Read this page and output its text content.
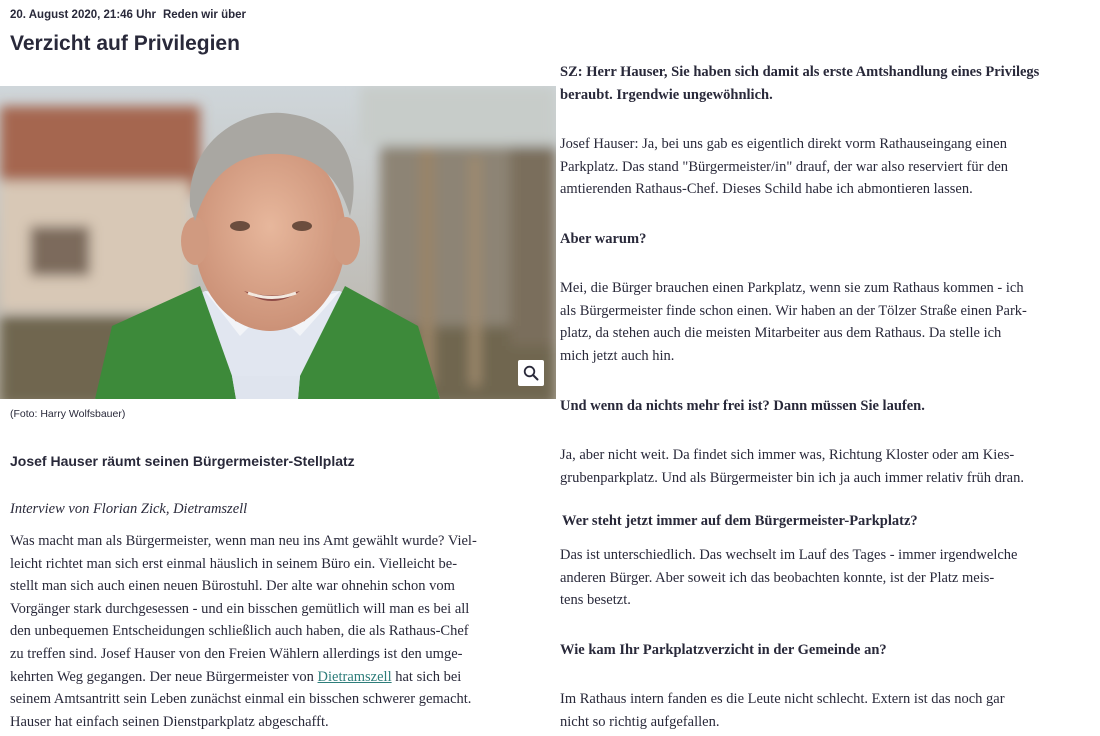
20. August 2020, 21:46 Uhr Reden wir über
Verzicht auf Privilegien
(Foto: Harry Wolfsbauer)
Josef Hauser räumt seinen Bürgermeister-Stellplatz
Interview von Florian Zick, Dietramszell
Was macht man als Bürgermeister, wenn man neu ins Amt gewählt wurde? Viel-
leicht richtet man sich erst einmal häuslich in seinem Büro ein. Vielleicht be-
stellt man sich auch einen neuen Bürostuhl. Der alte war ohnehin schon vom
Vorgänger stark durchgesessen - und ein bisschen gemütlich will man es bei all
den unbequemen Entscheidungen schließlich auch haben, die als Rathaus-Chef
zu treffen sind. Josef Hauser von den Freien Wählern allerdings ist den umge-
kehrten Weg gegangen. Der neue Bürgermeister von Dietramszell hat sich bei
seinem Amtsantritt sein Leben zunächst einmal ein bisschen schwerer gemacht.
Hauser hat einfach seinen Dienstparkplatz abgeschafft.
SZ: Herr Hauser, Sie haben sich damit als erste Amtshandlung eines Privilegs
beraubt. Irgendwie ungewöhnlich.
Josef Hauser: Ja, bei uns gab es eigentlich direkt vorm Rathauseingang einen
Parkplatz. Das stand "Bürgermeister/in" drauf, der war also reserviert für den
amtierenden Rathaus-Chef. Dieses Schild habe ich abmontieren lassen.
Aber warum?
Mei, die Bürger brauchen einen Parkplatz, wenn sie zum Rathaus kommen - ich
als Bürgermeister finde schon einen. Wir haben an der Tölzer Straße einen Park-
platz, da stehen auch die meisten Mitarbeiter aus dem Rathaus. Da stelle ich
mich jetzt auch hin.
Und wenn da nichts mehr frei ist? Dann müssen Sie laufen.
Ja, aber nicht weit. Da findet sich immer was, Richtung Kloster oder am Kies-
grubenparkplatz. Und als Bürgermeister bin ich ja auch immer relativ früh dran.
Wer steht jetzt immer auf dem Bürgermeister-Parkplatz?
Das ist unterschiedlich. Das wechselt im Lauf des Tages - immer irgendwelche
anderen Bürger. Aber soweit ich das beobachten konnte, ist der Platz meis-
tens besetzt.
Wie kam Ihr Parkplatzverzicht in der Gemeinde an?
Im Rathaus intern fanden es die Leute nicht schlecht. Extern ist das noch gar
nicht so richtig aufgefallen.
